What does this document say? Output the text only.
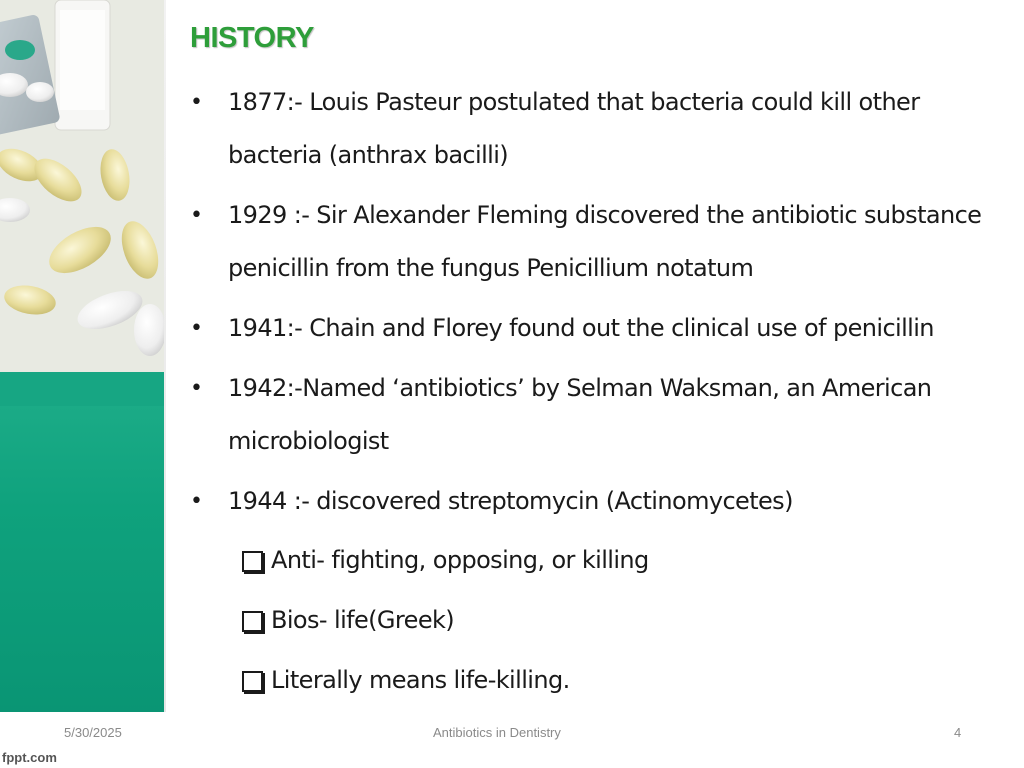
HISTORY
• 1877:- Louis Pasteur postulated that bacteria could kill other bacteria (anthrax bacilli)
• 1929 :- Sir Alexander Fleming discovered the antibiotic substance penicillin from the fungus Penicillium notatum
• 1941:- Chain and Florey found out the clinical use of penicillin
• 1942:-Named ‘antibiotics’ by Selman Waksman, an American microbiologist
• 1944 :- discovered streptomycin (Actinomycetes)
Anti- fighting, opposing, or killing
Bios- life(Greek)
Literally means life-killing.
5/30/2025	Antibiotics in Dentistry	4
fppt.com
